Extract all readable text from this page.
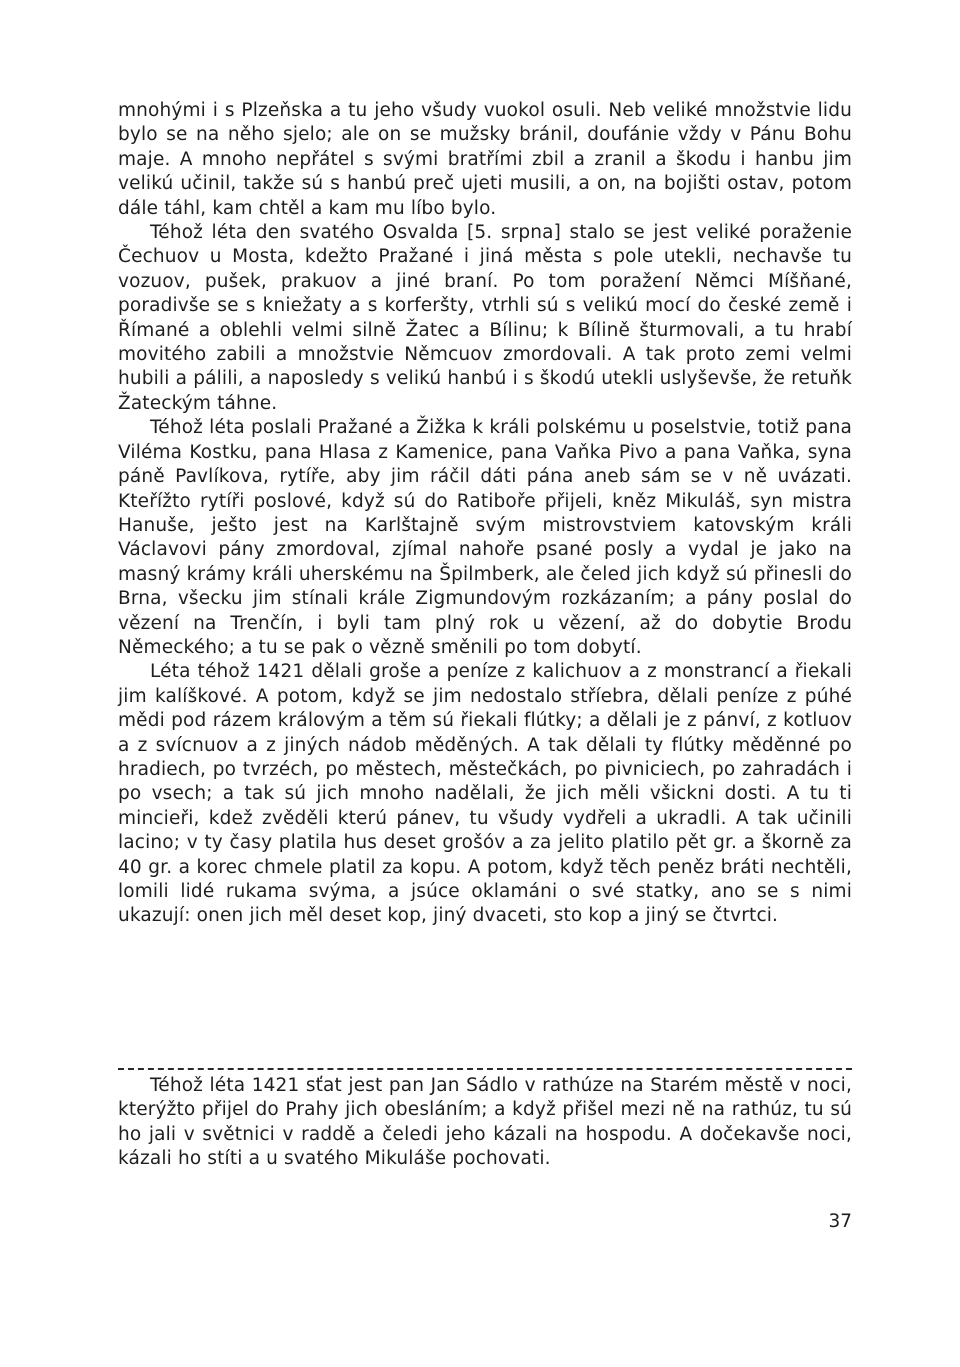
mnohými i s Plzeňska a tu jeho všudy vuokol osuli. Neb veliké množstvie lidu bylo se na něho sjelo; ale on se mužsky bránil, doufánie vždy v Pánu Bohu maje. A mnoho nepřátel s svými bratřími zbil a zranil a škodu i hanbu jim velikú učinil, takže sú s hanbú preč ujeti musili, a on, na bojišti ostav, potom dále táhl, kam chtěl a kam mu líbo bylo.

Téhož léta den svatého Osvalda [5. srpna] stalo se jest veliké poraženie Čechuov u Mosta, kdežto Pražané i jiná města s pole utekli, nechavše tu vozuov, pušek, prakuov a jiné braní. Po tom poražení Němci Míšňané, poradivše se s kniežaty a s korferšty, vtrhli sú s velikú mocí do české země i Římané a oblehli velmi silně Žatec a Bílinu; k Bílině šturmovali, a tu hrabí movitého zabili a množstvie Němcuov zmordovali. A tak proto zemi velmi hubili a pálili, a naposledy s velikú hanbú i s škodú utekli uslyševše, že retuňk Žateckým táhne.

Téhož léta poslali Pražané a Žižka k králi polskému u poselstvie, totiž pana Viléma Kostku, pana Hlasa z Kamenice, pana Vaňka Pivo a pana Vaňka, syna páně Pavlíkova, rytíře, aby jim ráčil dáti pána aneb sám se v ně uvázati. Kteřížto rytíři poslové, když sú do Ratiboře přijeli, kněz Mikuláš, syn mistra Hanuše, ješto jest na Karlštajně svým mistrovstviem katovským králi Václavovi pány zmordoval, zjímal nahoře psané posly a vydal je jako na masný krámy králi uherskému na Špilmberk, ale čeled jich když sú přinesli do Brna, všecku jim stínali krále Zigmundovým rozkázaním; a pány poslal do vězení na Trenčín, i byli tam plný rok u vězení, až do dobytie Brodu Německého; a tu se pak o vězně směnili po tom dobytí.

Léta téhož 1421 dělali groše a peníze z kalichuov a z monstrancí a řiekali jim kalíškové. A potom, když se jim nedostalo stříebra, dělali peníze z púhé mědi pod rázem královým a těm sú řiekali flútky; a dělali je z pánví, z kotluov a z svícnuov a z jiných nádob měděných. A tak dělali ty flútky měděnné po hradiech, po tvrzéch, po městech, městečkách, po pivniciech, po zahradách i po vsech; a tak sú jich mnoho nadělali, že jich měli všickni dosti. A tu ti mincieři, kdež zvěděli kterú pánev, tu všudy vydřeli a ukradli. A tak učinili lacino; v ty časy platila hus deset grošóv a za jelito platilo pět gr. a škorně za 40 gr. a korec chmele platil za kopu. A potom, když těch peněz bráti nechtěli, lomili lidé rukama svýma, a jsúce oklamáni o své statky, ano se s nimi ukazují: onen jich měl deset kop, jiný dvaceti, sto kop a jiný se čtvrtci.

Téhož léta 1421 sťat jest pan Jan Sádlo v rathúze na Starém městě v noci, kterýžto přijel do Prahy jich obesláním; a když přišel mezi ně na rathúz, tu sú ho jali v světnici v raddě a čeledi jeho kázali na hospodu. A dočekavše noci, kázali ho stíti a u svatého Mikuláše pochovati.

37
